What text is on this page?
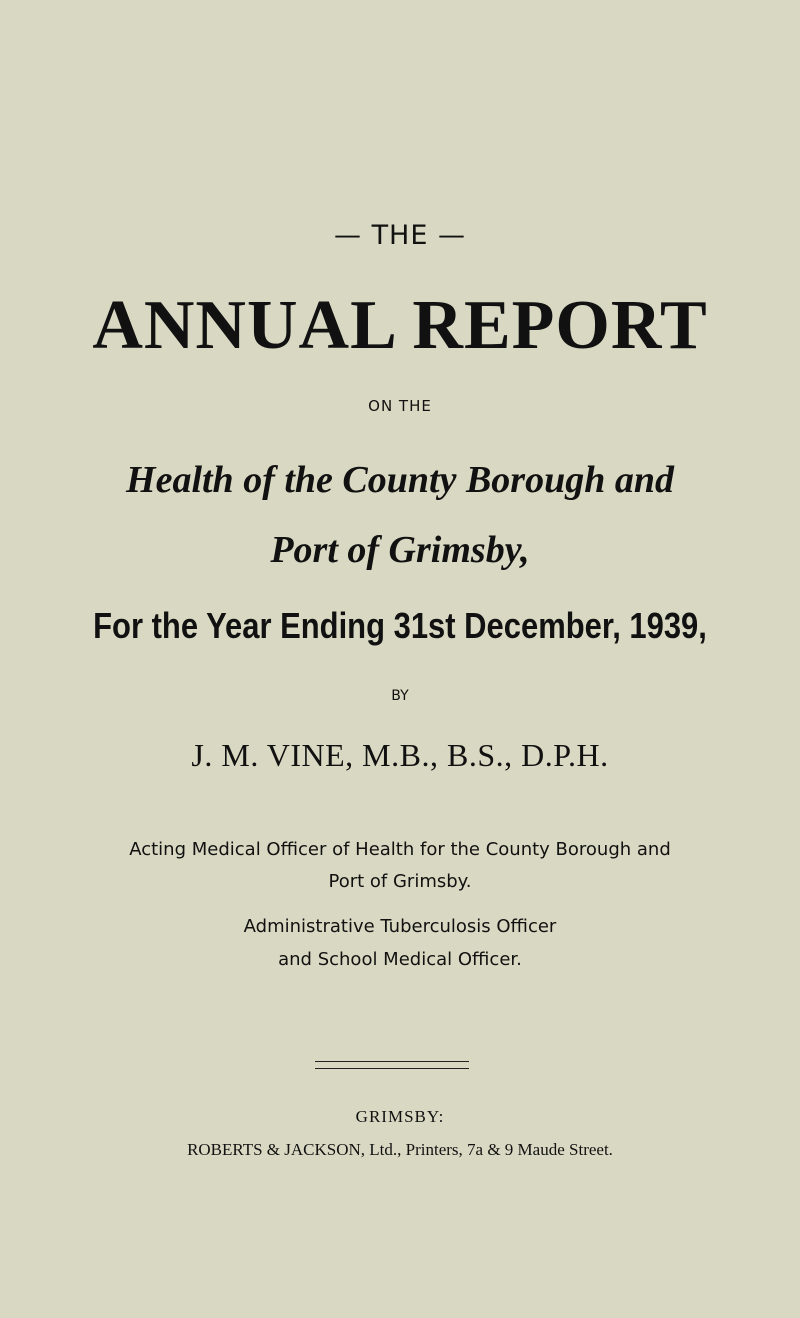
— THE —
ANNUAL REPORT
ON THE
Health of the County Borough and
Port of Grimsby,
For the Year Ending 31st December, 1939,
BY
J. M. VINE, M.B., B.S., D.P.H.
Acting Medical Officer of Health for the County Borough and
Port of Grimsby.
Administrative Tuberculosis Officer
and School Medical Officer.
GRIMSBY:
ROBERTS & JACKSON, Ltd., Printers, 7a & 9 Maude Street.
